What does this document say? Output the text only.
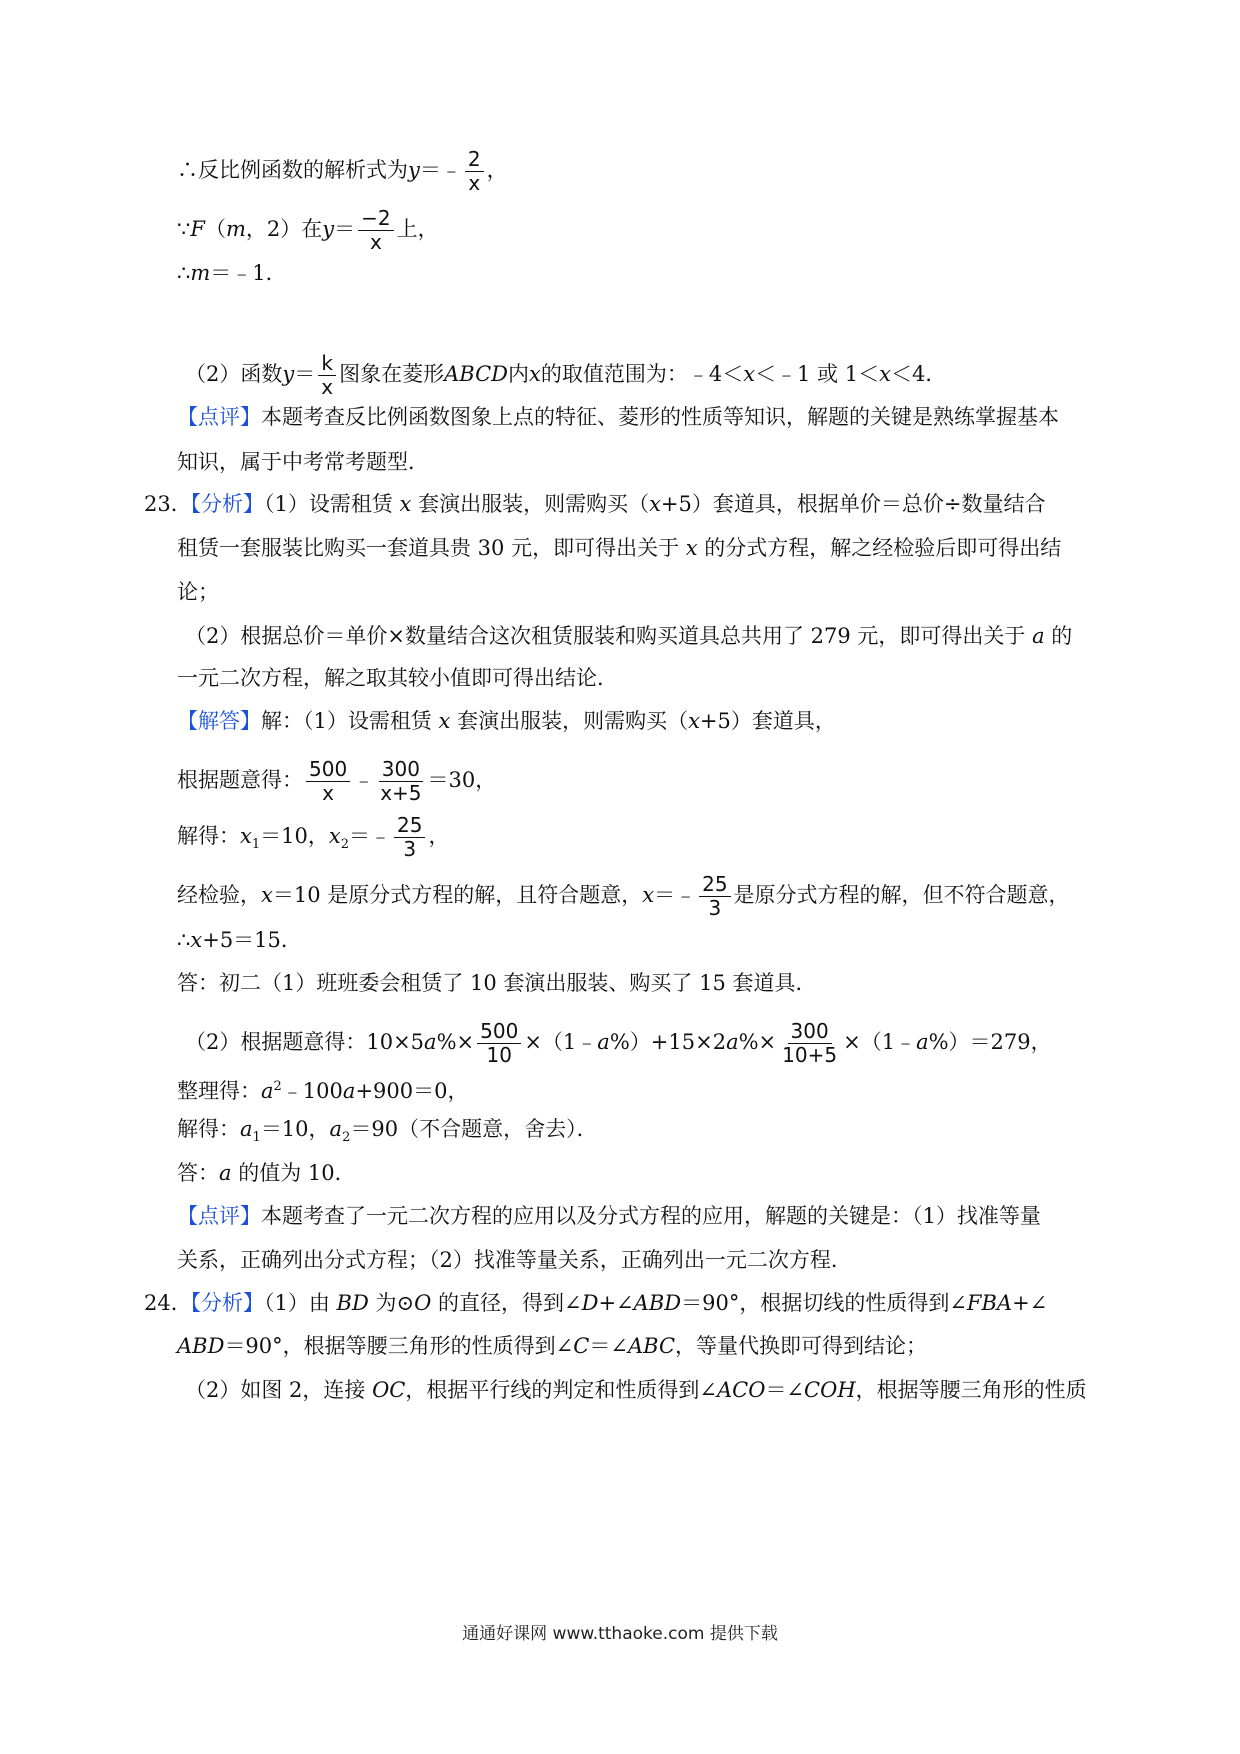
∴反比例函数的解析式为y＝﹣ $\frac{2}{x}$ ，
∵F（m，2）在$y= \frac{-2}{x}$ 上，
∴m＝﹣1．
（2）函数$y= \frac{k}{x}$ 图象在菱形ABCD内x的取值范围为：﹣4＜x＜﹣1 或 1＜x＜4．
【点评】本题考查反比例函数图象上点的特征、菱形的性质等知识，解题的关键是熟练掌握基本
知识，属于中考常考题型．
23．
【分析】（1）设需租赁 x 套演出服装，则需购买（x+5）套道具，根据单价＝总价÷数量结合
租赁一套服装比购买一套道具贵 30 元，即可得出关于 x 的分式方程，解之经检验后即可得出结
论；
（2）根据总价＝单价×数量结合这次租赁服装和购买道具总共用了 279 元，即可得出关于 a 的
一元二次方程，解之取其较小值即可得出结论．
【解答】解：（1）设需租赁 x 套演出服装，则需购买（x+5）套道具，
根据题意得： $\frac{500}{x}$ ﹣ $\frac{300}{x+5} =30$，
解得：$x_1=10$，$x_2=﹣ \frac{25}{3}$ ，
经检验，x＝10 是原分式方程的解，且符合题意，x＝﹣ $\frac{25}{3}$ 是原分式方程的解，但不符合题意，
∴x+5＝15．
答：初二（1）班班委会租赁了 10 套演出服装、购买了 15 套道具．
（2）根据题意得：$10\times 5a\%\times \frac{500}{10}$ ×（1﹣a%）+15×2a%× $\frac{300}{10+5}$ ×（1﹣a%）＝279，
整理得：$a^2﹣100a+900=0$，
解得：$a_1=10$，$a_2=90$（不合题意，舍去）．
答：a 的值为 10．
【点评】本题考查了一元二次方程的应用以及分式方程的应用，解题的关键是：（1）找准等量
关系，正确列出分式方程；（2）找准等量关系，正确列出一元二次方程．
24．
【分析】（1）由 BD 为⊙O 的直径，得到∠D+∠ABD＝90°，根据切线的性质得到∠FBA+∠
ABD＝90°，根据等腰三角形的性质得到∠C＝∠ABC，等量代换即可得到结论；
（2）如图 2，连接 OC，根据平行线的判定和性质得到∠ACO＝∠COH，根据等腰三角形的性质
通通好课网 www.tthaoke.com 提供下载
